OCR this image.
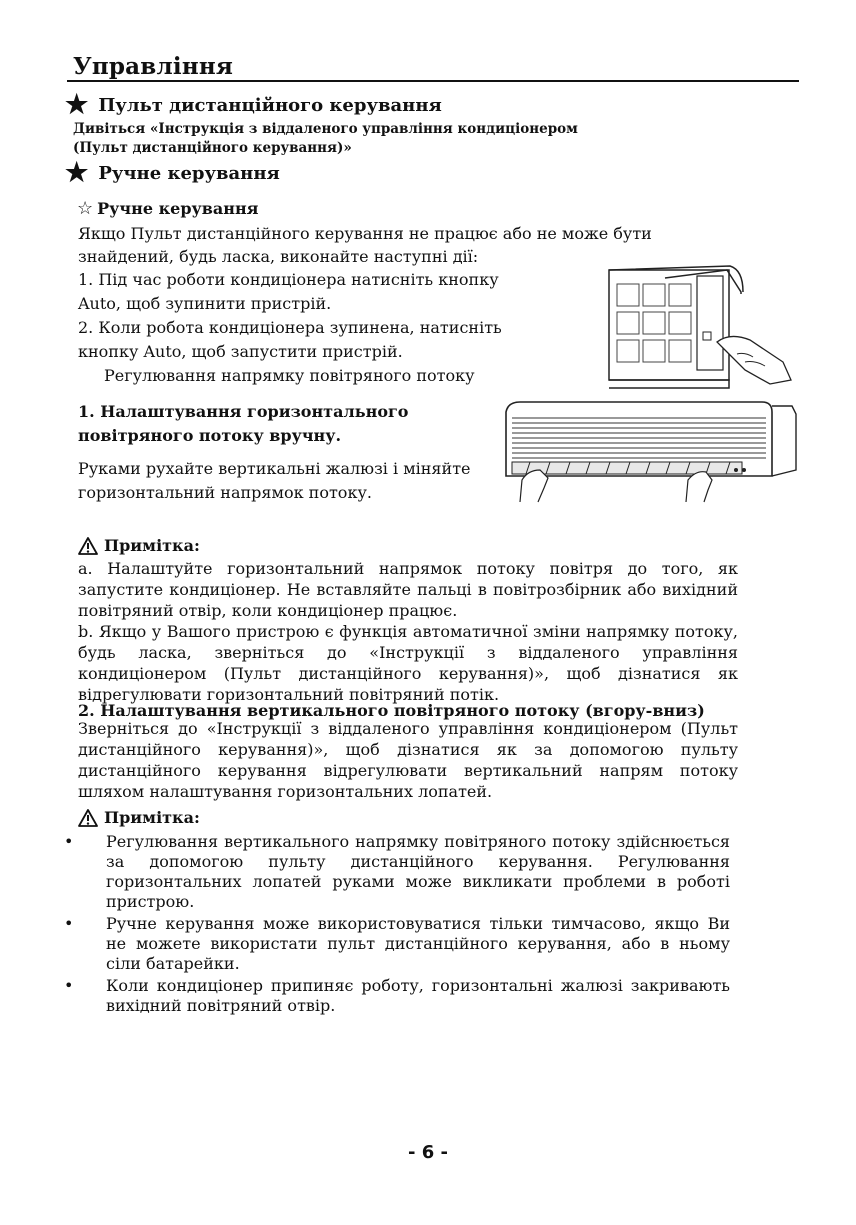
Управління
★ Пульт дистанційного керування
Дивіться «Інструкція з віддаленого управління кондиціонером
(Пульт дистанційного керування)»
★ Ручне керування
☆ Ручне керування
Якщо Пульт дистанційного керування не працює або не може бути знайдений, будь ласка, виконайте наступні дії:
1. Під час роботи кондиціонера натисніть кнопку
Auto, щоб зупинити пристрій.
2. Коли робота кондиціонера зупинена, натисніть
кнопку Auto, щоб запустити пристрій.
Регулювання напрямку повітряного потоку
1. Налаштування горизонтального
повітряного потоку вручну.
Руками рухайте вертикальні жалюзі і міняйте
горизонтальний напрямок потоку.
Примітка:
а. Налаштуйте горизонтальний напрямок потоку повітря до того, як запустите кондиціонер. Не вставляйте пальці в повітрозбірник або вихідний повітряний отвір, коли кондиціонер працює.
b. Якщо у Вашого пристрою є функція автоматичної зміни напрямку потоку, будь ласка, зверніться до «Інструкції з віддаленого управління кондиціонером (Пульт дистанційного керування)», щоб дізнатися як відрегулювати горизонтальний повітряний потік.
2. Налаштування вертикального повітряного потоку (вгору-вниз)
Зверніться до «Інструкції з віддаленого управління кондиціонером (Пульт дистанційного керування)», щоб дізнатися як за допомогою пульту дистанційного керування відрегулювати вертикальний напрям потоку шляхом налаштування горизонтальних лопатей.
Примітка:
• Регулювання вертикального напрямку повітряного потоку здійснюється за допомогою пульту дистанційного керування. Регулювання горизонтальних лопатей руками може викликати проблеми в роботі пристрою.
• Ручне керування може використовуватися тільки тимчасово, якщо Ви не можете використати пульт дистанційного керування, або в ньому сіли батарейки.
• Коли кондиціонер припиняє роботу, горизонтальні жалюзі закривають вихідний повітряний отвір.
- 6 -
